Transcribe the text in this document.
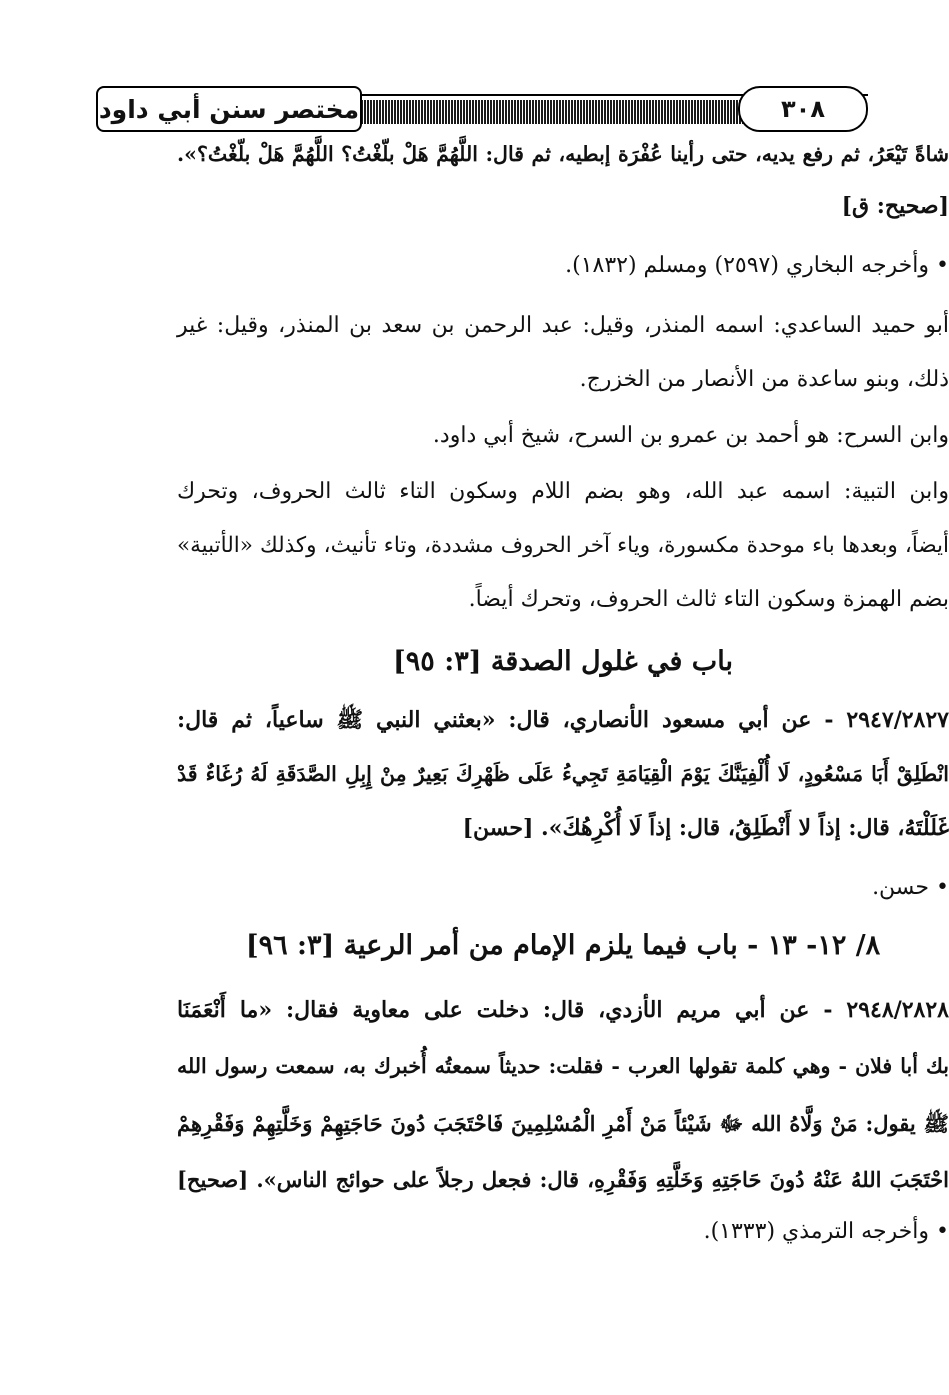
مختصر سنن أبي داود	٣٠٨
شاةً تَيْعَرُ، ثم رفع يديه، حتى رأينا عُفْرَة إبطيه، ثم قال: اللَّهُمَّ هَلْ بلّغْتُ؟ اللَّهُمَّ هَلْ بلّغْتُ؟».
[صحيح: ق]
• وأخرجه البخاري (٢٥٩٧) ومسلم (١٨٣٢).
أبو حميد الساعدي: اسمه المنذر، وقيل: عبد الرحمن بن سعد بن المنذر، وقيل: غير
ذلك، وبنو ساعدة من الأنصار من الخزرج.
وابن السرح: هو أحمد بن عمرو بن السرح، شيخ أبي داود.
وابن التبية: اسمه عبد الله، وهو بضم اللام وسكون التاء ثالث الحروف، وتحرك
أيضاً، وبعدها باء موحدة مكسورة، وياء آخر الحروف مشددة، وتاء تأنيث، وكذلك «الأتبية»
بضم الهمزة وسكون التاء ثالث الحروف، وتحرك أيضاً.
باب في غلول الصدقة [٣: ٩٥]
٢٩٤٧/٢٨٢٧ - عن أبي مسعود الأنصاري، قال: «بعثني النبي ﷺ ساعياً، ثم قال:
انْطَلِقْ أَبَا مَسْعُودٍ، لَا أُلْفِيَنَّكَ يَوْمَ الْقِيَامَةِ تَجِيءُ عَلَى ظَهْرِكَ بَعِيرٌ مِنْ إِبِلِ الصَّدَقَةِ لَهُ رُغَاءٌ قَدْ
غَلَلْتَهُ، قال: إذاً لا أَنْطَلِقُ، قال: إذاً لَا أُكْرِهُكَ». [حسن]
• حسن.
٨/ ١٢- ١٣ - باب فيما يلزم الإمام من أمر الرعية [٣: ٩٦]
٢٩٤٨/٢٨٢٨ - عن أبي مريم الأزدي، قال: دخلت على معاوية فقال: «ما أَنْعَمَنَا
بك أبا فلان - وهي كلمة تقولها العرب - فقلت: حديثاً سمعتُه أُخبرك به، سمعت رسول الله
ﷺ يقول: مَنْ وَلَّاهُ الله ﷻ شَيْئاً مَنْ أَمْرِ الْمُسْلِمِينَ فَاحْتَجَبَ دُونَ حَاجَتِهِمْ وَخَلَّتِهِمْ وَفَقْرِهِمْ
احْتَجَبَ اللهُ عَنْهُ دُونَ حَاجَتِهِ وَخَلَّتِهِ وَفَقْرِهِ، قال: فجعل رجلاً على حوائج الناس». [صحيح]
• وأخرجه الترمذي (١٣٣٣).
